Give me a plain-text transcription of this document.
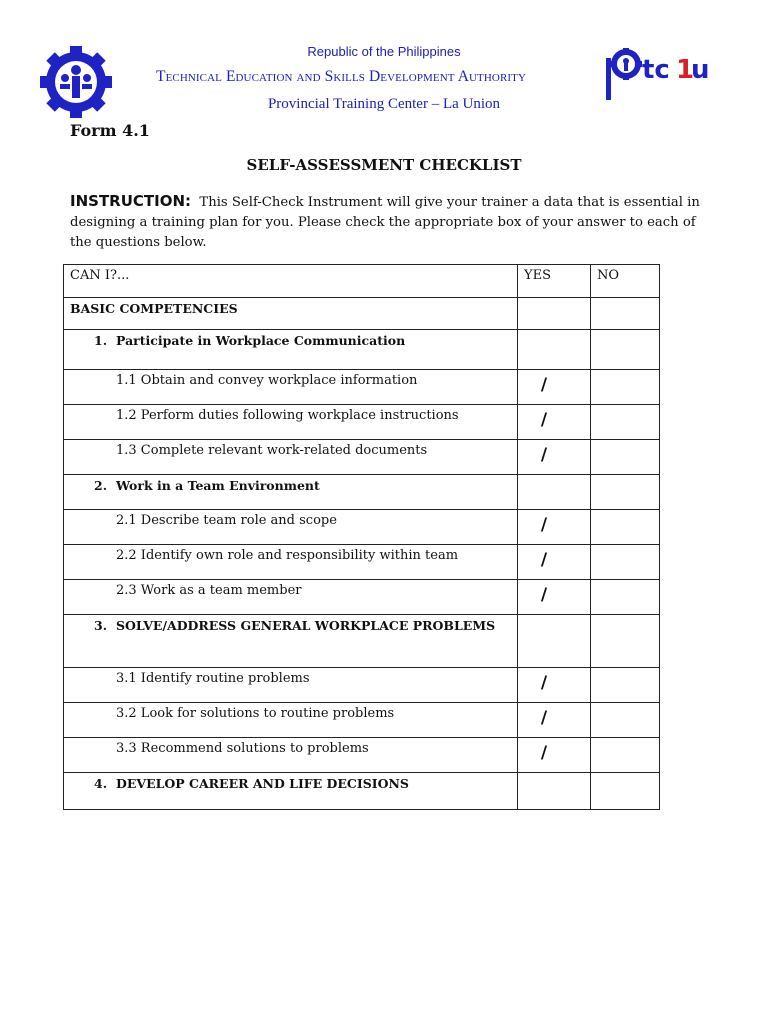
tc 1
u
Republic of the Philippines
Technical Education and Skills Development Authority
Provincial Training Center – La Union
Form 4.1
SELF-ASSESSMENT CHECKLIST
INSTRUCTION: This Self-Check Instrument will give your trainer a data that is essential in designing a training plan for you. Please check the appropriate box of your answer to each of the questions below.
CAN I?...	YES	NO

BASIC COMPETENCIES		

1. Participate in Workplace Communication		

1.1 Obtain and convey workplace information	/	

1.2 Perform duties following workplace instructions	/	

1.3 Complete relevant work-related documents	/	

2. Work in a Team Environment		

2.1 Describe team role and scope	/	

2.2 Identify own role and responsibility within team	/	

2.3 Work as a team member	/	

3. SOLVE/ADDRESS GENERAL WORKPLACE PROBLEMS		

3.1 Identify routine problems	/	

3.2 Look for solutions to routine problems	/	

3.3 Recommend solutions to problems	/	

4. DEVELOP CAREER AND LIFE DECISIONS		
